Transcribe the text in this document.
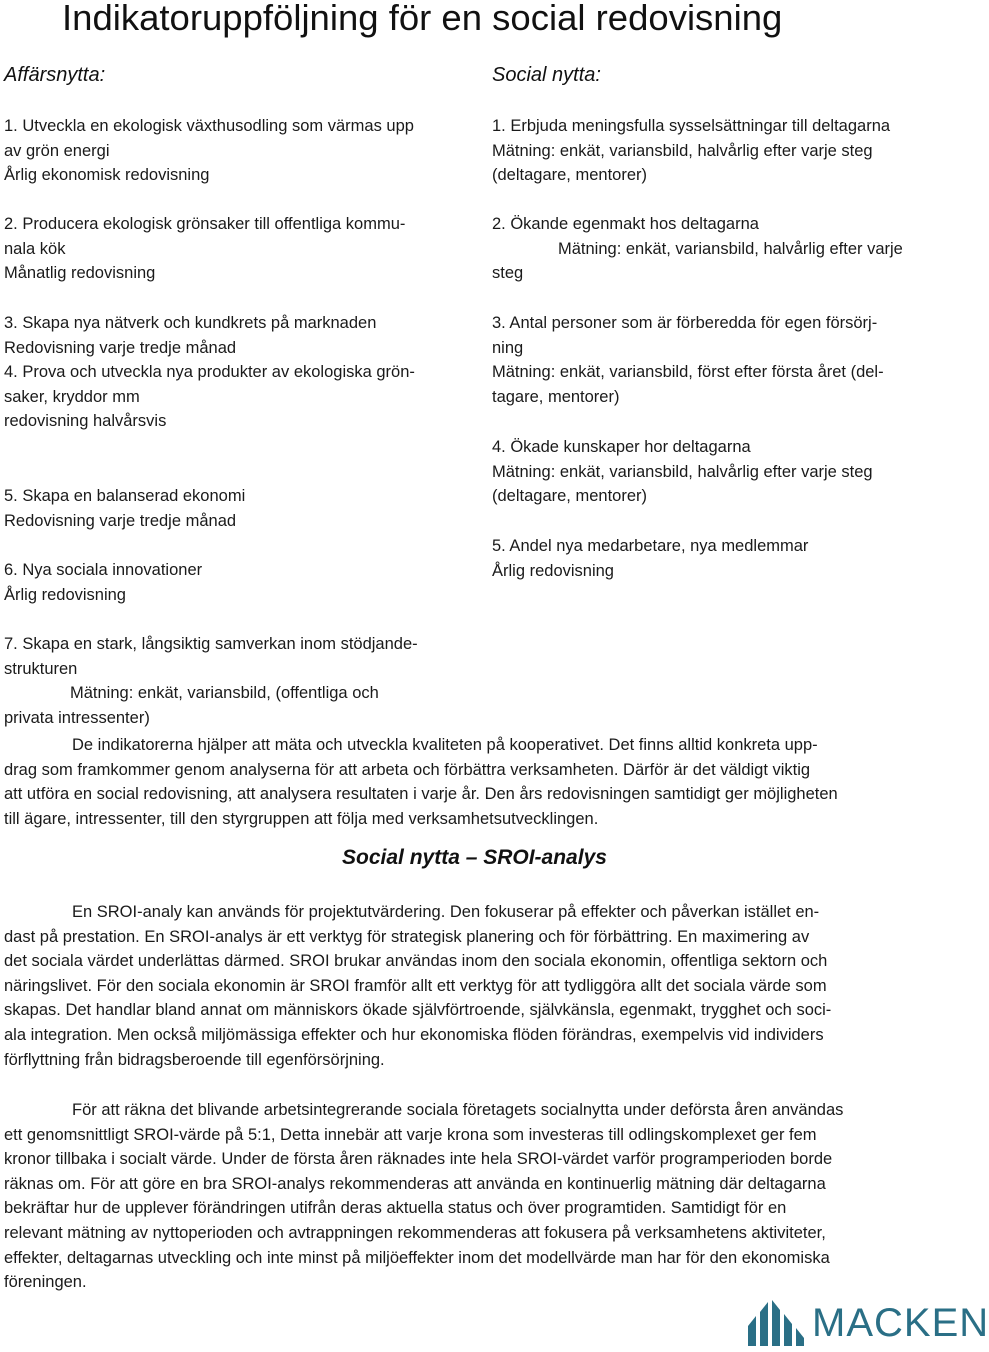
Indikatoruppföljning för en social redovisning
Affärsnytta:
1. Utveckla en ekologisk växthusodling som värmas upp
av grön energi
Årlig ekonomisk redovisning
2. Producera ekologisk grönsaker till offentliga kommu-
nala kök
Månatlig redovisning
3. Skapa nya nätverk och kundkrets på marknaden
Redovisning varje tredje månad
4. Prova och utveckla nya produkter av ekologiska grön-
saker, kryddor mm
redovisning halvårsvis
5. Skapa en balanserad ekonomi
Redovisning varje tredje månad
6. Nya sociala innovationer
Årlig redovisning
7. Skapa en stark, långsiktig samverkan inom stödjande-
strukturen
Mätning: enkät, variansbild, (offentliga och
privata intressenter)
Social nytta:
1. Erbjuda meningsfulla sysselsättningar till deltagarna
Mätning: enkät, variansbild, halvårlig efter varje steg
(deltagare, mentorer)
2. Ökande egenmakt hos deltagarna
Mätning: enkät, variansbild, halvårlig efter varje
steg
3. Antal personer som är förberedda för egen försörj-
ning
Mätning: enkät, variansbild, först efter första året (del-
tagare, mentorer)
4. Ökade kunskaper hor deltagarna
Mätning: enkät, variansbild, halvårlig efter varje steg
(deltagare, mentorer)
5. Andel nya medarbetare, nya medlemmar
Årlig redovisning
De indikatorerna hjälper att mäta och utveckla kvaliteten på kooperativet. Det finns alltid konkreta upp-
drag som framkommer genom analyserna för att arbeta och förbättra verksamheten. Därför är det väldigt viktig
att utföra en social redovisning, att analysera resultaten i varje år. Den års redovisningen samtidigt ger möjligheten
till ägare, intressenter, till den styrgruppen att följa med verksamhetsutvecklingen.
Social nytta – SROI-analys
En SROI-analy kan används för projektutvärdering. Den fokuserar på effekter och påverkan istället en-
dast på prestation. En SROI-analys är ett verktyg för strategisk planering och för förbättring. En maximering av
det sociala värdet underlättas därmed. SROI brukar användas inom den sociala ekonomin, offentliga sektorn och
näringslivet. För den sociala ekonomin är SROI framför allt ett verktyg för att tydliggöra allt det sociala värde som
skapas. Det handlar bland annat om människors ökade självförtroende, självkänsla, egenmakt, trygghet och soci-
ala integration. Men också miljömässiga effekter och hur ekonomiska flöden förändras, exempelvis vid individers
förflyttning från bidragsberoende till egenförsörjning.
För att räkna det blivande arbetsintegrerande sociala företagets socialnytta under deförsta åren användas
ett genomsnittligt SROI-värde på 5:1, Detta innebär att varje krona som investeras till odlingskomplexet ger fem
kronor tillbaka i socialt värde. Under de första åren räknades inte hela SROI-värdet varför programperioden borde
räknas om. För att göre en bra SROI-analys rekommenderas att använda en kontinuerlig mätning där deltagarna
bekräftar hur de upplever förändringen utifrån deras aktuella status och över programtiden. Samtidigt för en
relevant mätning av nyttoperioden och avtrappningen rekommenderas att fokusera på verksamhetens aktiviteter,
effekter, deltagarnas utveckling och inte minst på miljöeffekter inom det modellvärde man har för den ekonomiska
föreningen.
MACKEN
